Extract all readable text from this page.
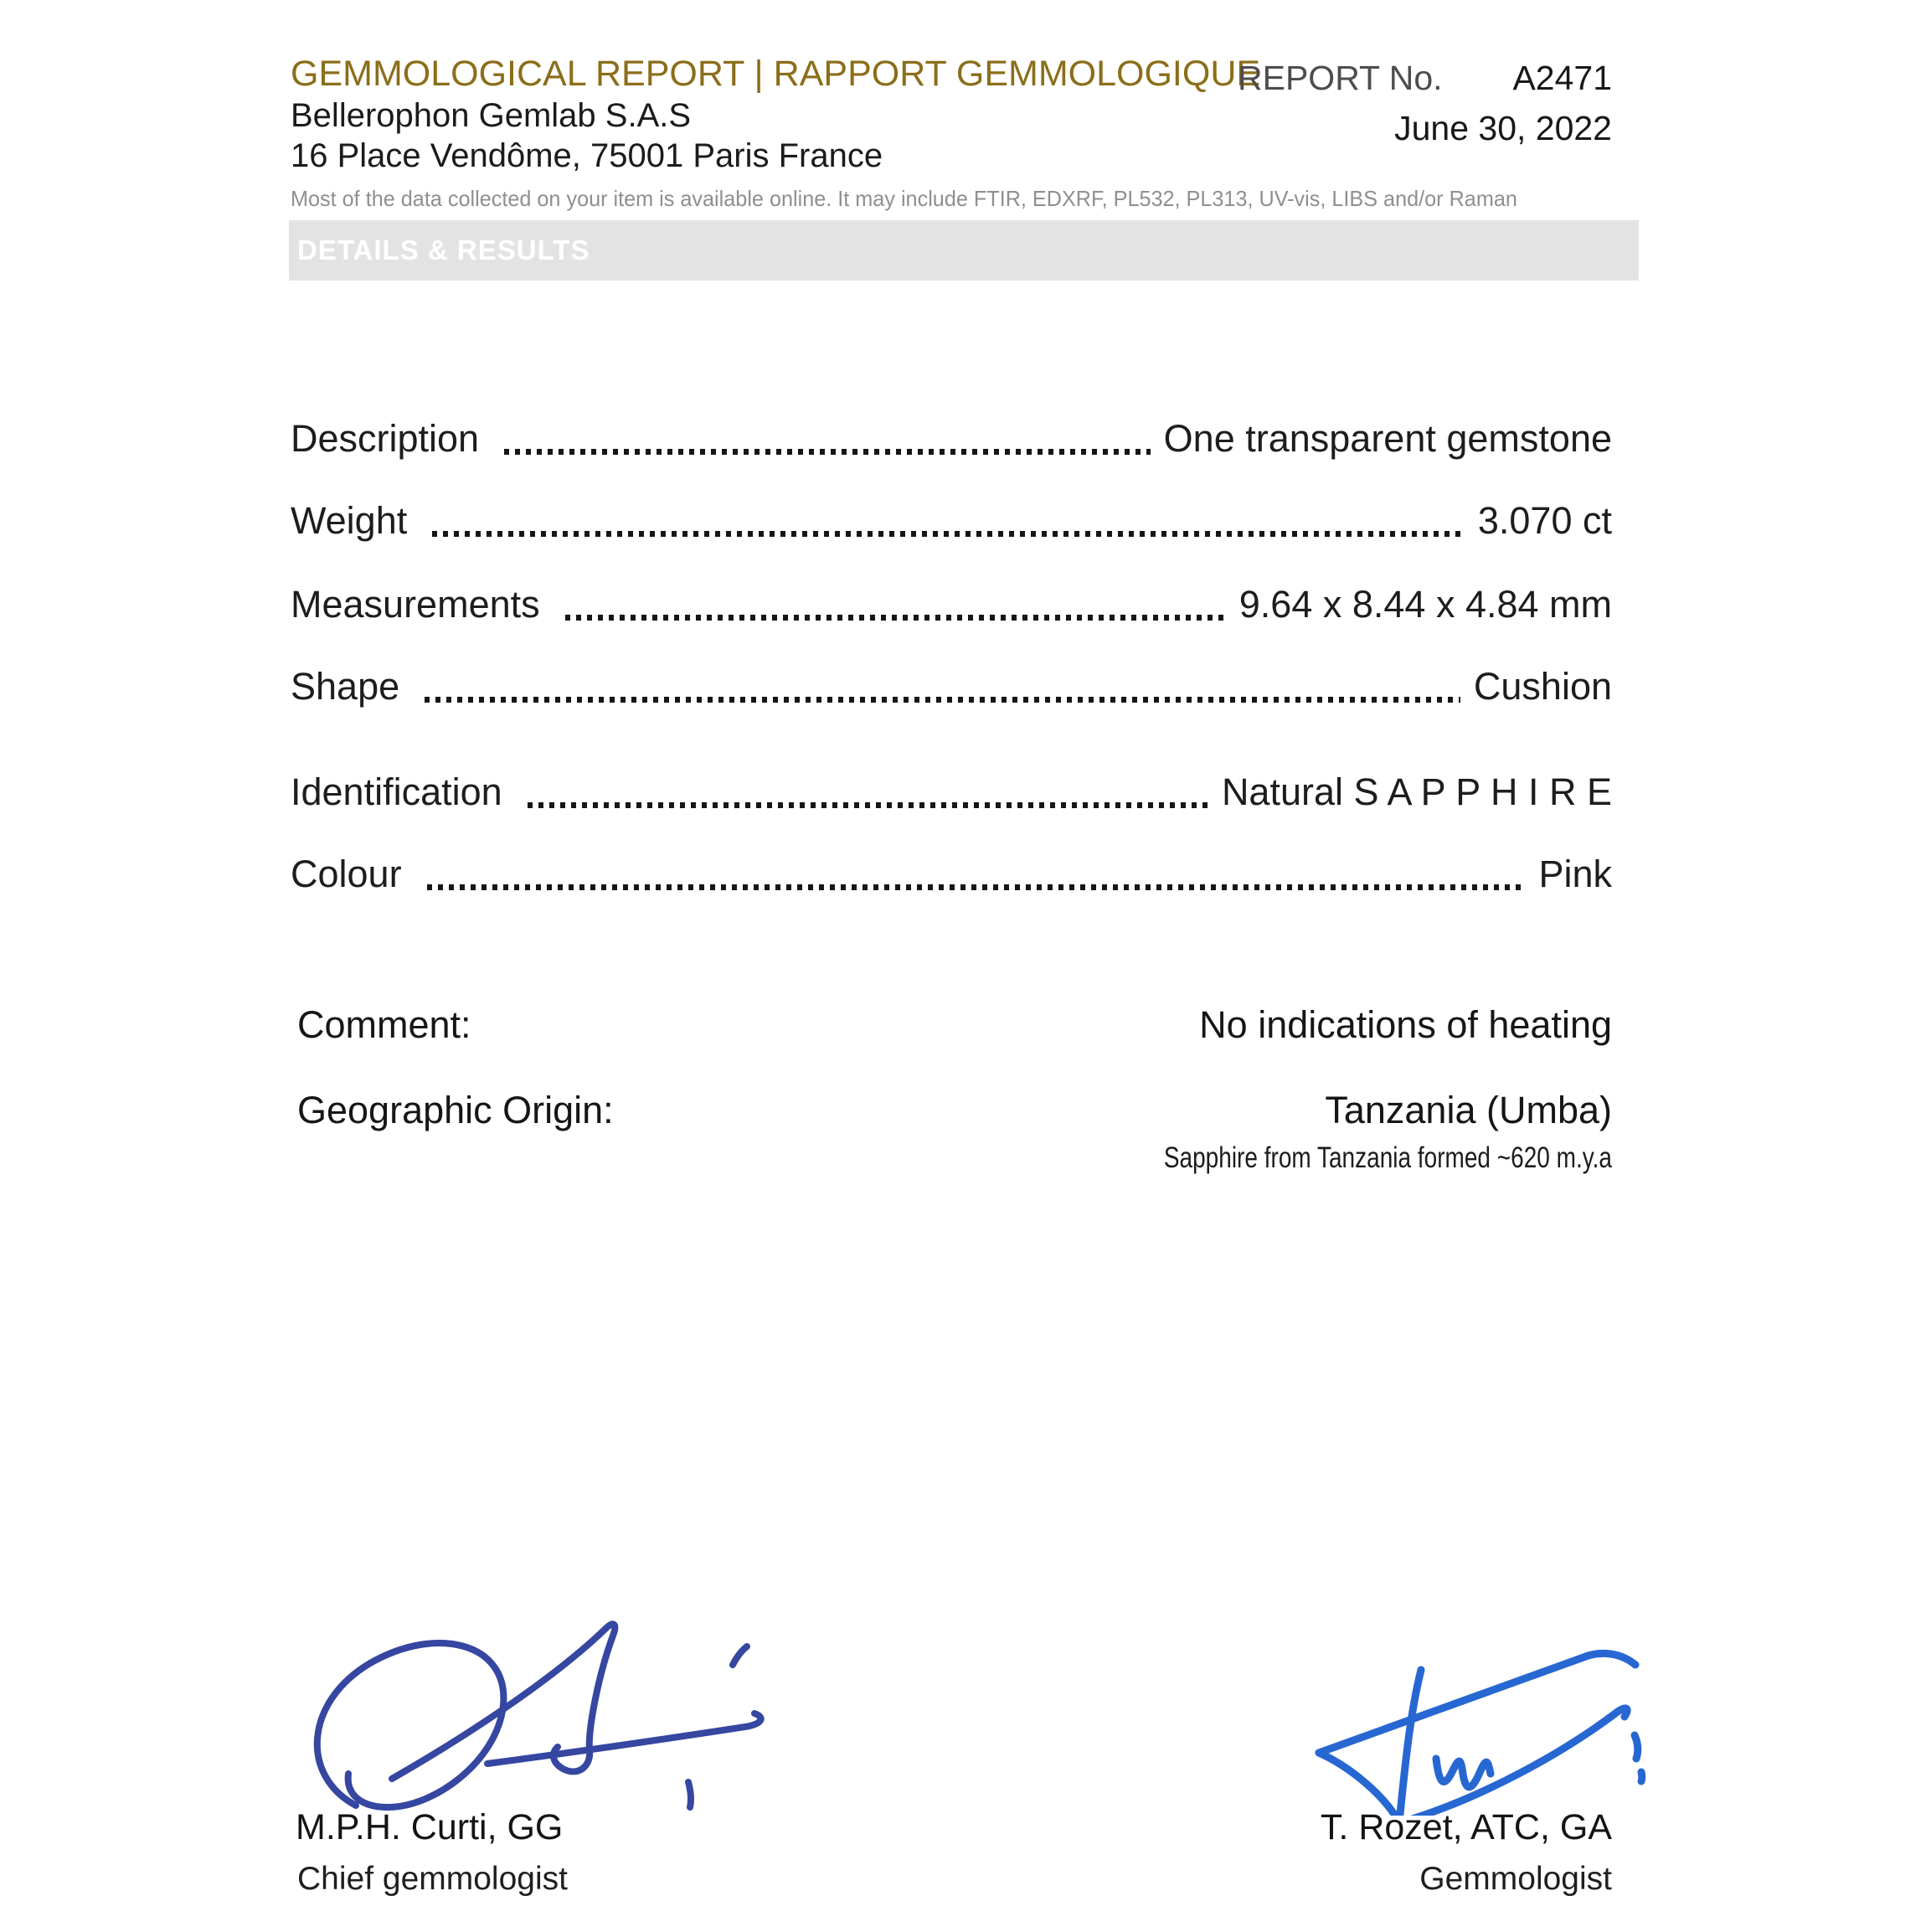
GEMMOLOGICAL REPORT | RAPPORT GEMMOLOGIQUE
Bellerophon Gemlab S.A.S
16 Place Vendôme, 75001 Paris France
REPORT No. A2471
June 30, 2022
Most of the data collected on your item is available online. It may include FTIR, EDXRF, PL532, PL313, UV-vis, LIBS and/or Raman
DETAILS & RESULTS
Description	One transparent gemstone
Weight	3.070 ct
Measurements	9.64 x 8.44 x 4.84 mm
Shape	Cushion
Identification	Natural S A P P H I R E
Colour	Pink
Comment:	No indications of heating
Geographic Origin:	Tanzania (Umba)
Sapphire from Tanzania formed ~620 m.y.a
M.P.H. Curti, GG
Chief gemmologist
T. Rozet, ATC, GA
Gemmologist
